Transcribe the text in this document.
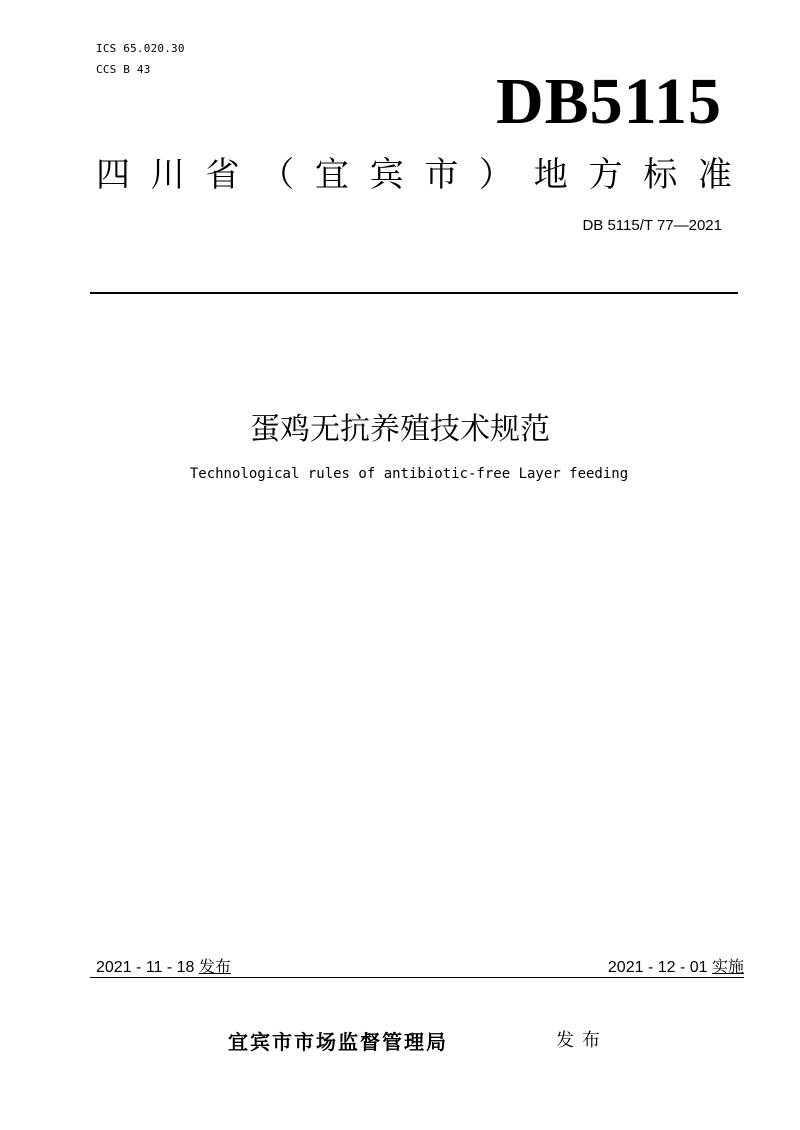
ICS 65.020.30
CCS B 43	DB5115
四 川 省 （ 宜 宾 市 ） 地 方 标 准
DB 5115/T 77—2021
蛋鸡无抗养殖技术规范
Technological rules of antibiotic-free Layer feeding
2021 - 11 - 18 发布	2021 - 12 - 01 实施
宜宾市市场监督管理局	发布
